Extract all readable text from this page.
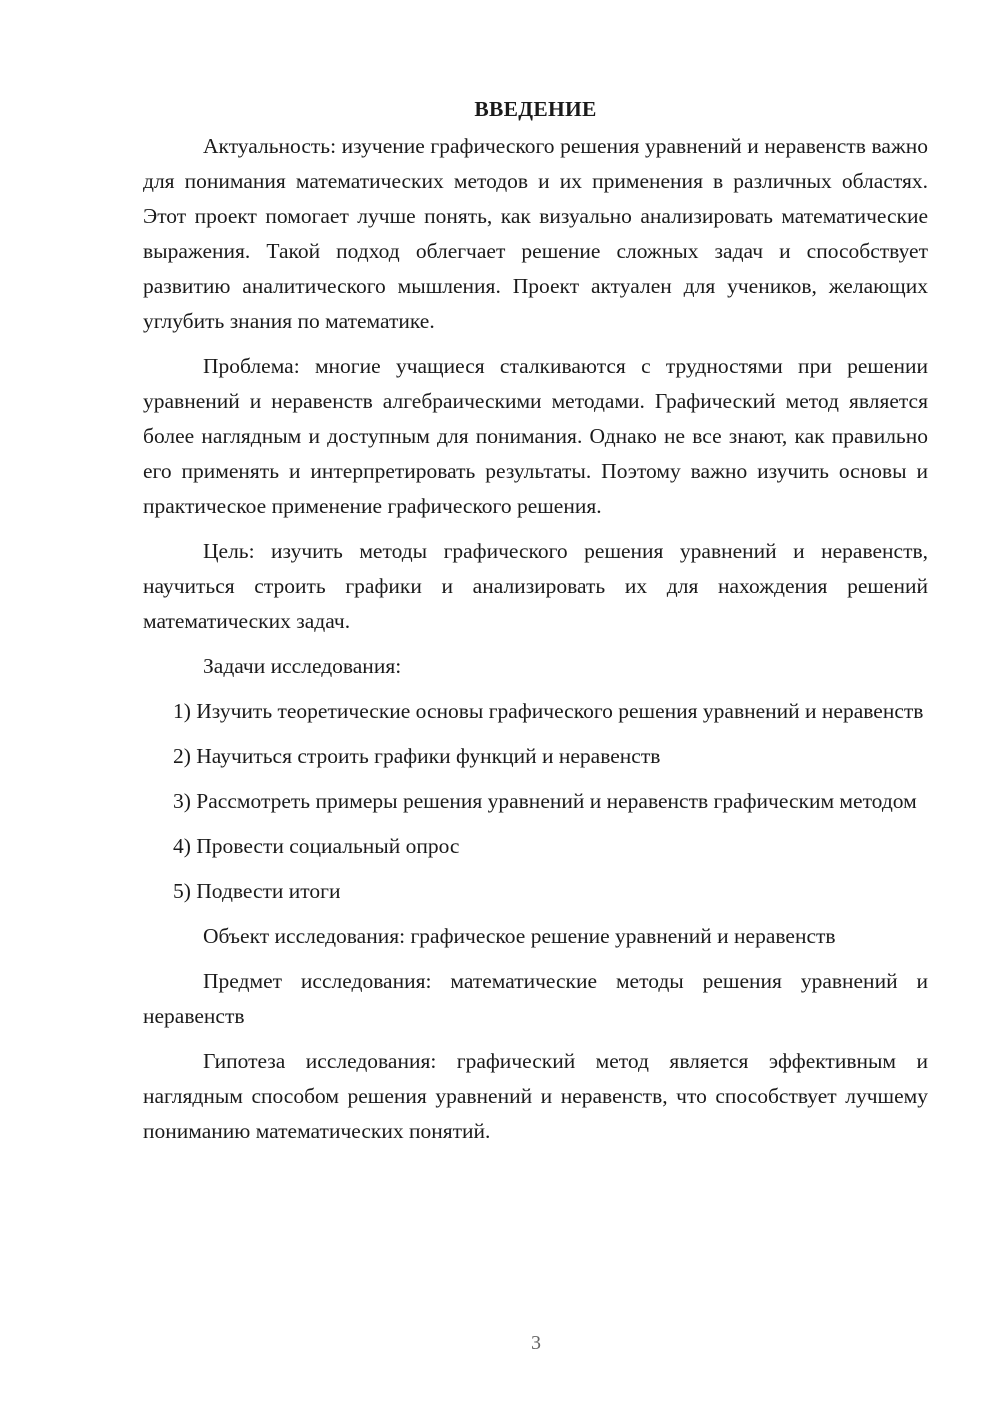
ВВЕДЕНИЕ

Актуальность: изучение графического решения уравнений и неравенств важно для понимания математических методов и их применения в различных областях. Этот проект помогает лучше понять, как визуально анализировать математические выражения. Такой подход облегчает решение сложных задач и способствует развитию аналитического мышления. Проект актуален для учеников, желающих углубить знания по математике.

Проблема: многие учащиеся сталкиваются с трудностями при решении уравнений и неравенств алгебраическими методами. Графический метод является более наглядным и доступным для понимания. Однако не все знают, как правильно его применять и интерпретировать результаты. Поэтому важно изучить основы и практическое применение графического решения.

Цель: изучить методы графического решения уравнений и неравенств, научиться строить графики и анализировать их для нахождения решений математических задач.

Задачи исследования:

1) Изучить теоретические основы графического решения уравнений и неравенств

2) Научиться строить графики функций и неравенств

3) Рассмотреть примеры решения уравнений и неравенств графическим методом

4) Провести социальный опрос

5) Подвести итоги

Объект исследования: графическое решение уравнений и неравенств

Предмет исследования: математические методы решения уравнений и неравенств

Гипотеза исследования: графический метод является эффективным и наглядным способом решения уравнений и неравенств, что способствует лучшему пониманию математических понятий.

3
